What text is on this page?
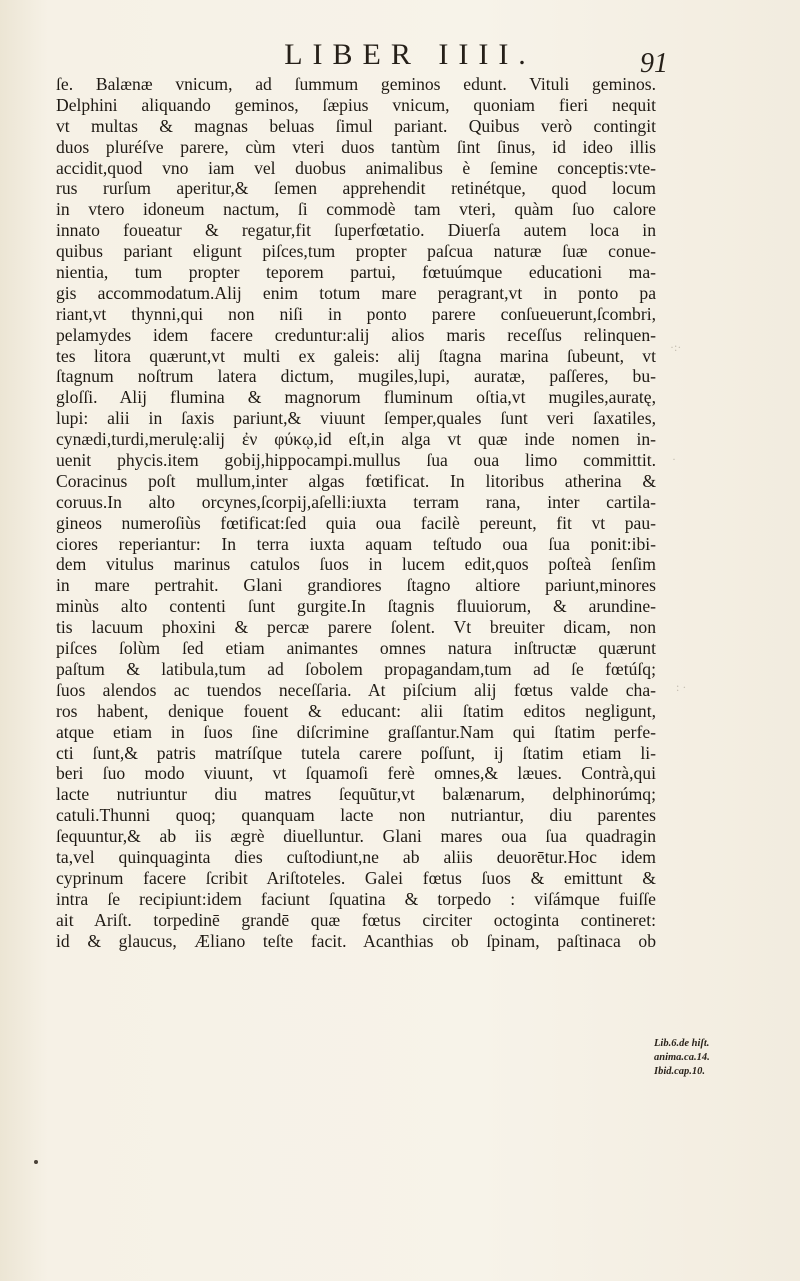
LIBER IIII.	91
ſe. Balænæ vnicum, ad ſummum geminos edunt. Vituli geminos.
Delphini aliquando geminos, ſæpius vnicum, quoniam fieri nequit
vt multas & magnas beluas ſimul pariant. Quibus verò contingit
duos pluréſve parere, cùm vteri duos tantùm ſint ſinus, id ideo illis
accidit,quod vno iam vel duobus animalibus è ſemine conceptis:vte-
rus rurſum aperitur,& ſemen apprehendit retinétque, quod locum
in vtero idoneum nactum, ſi commodè tam vteri, quàm ſuo calore
innato foueatur & regatur,fit ſuperfœtatio. Diuerſa autem loca in
quibus pariant eligunt piſces,tum propter paſcua naturæ ſuæ conue-
nientia, tum propter teporem partui, fœtuúmque educationi ma-
gis accommodatum.Alij enim totum mare peragrant,vt in ponto pa
riant,vt thynni,qui non niſi in ponto parere conſueuerunt,ſcombri,
pelamydes idem facere creduntur:alij alios maris receſſus relinquen-
tes litora quærunt,vt multi ex galeis: alij ſtagna marina ſubeunt, vt
ſtagnum noſtrum latera dictum, mugiles,lupi, auratæ, paſſeres, bu-
gloſſi. Alij flumina & magnorum fluminum oſtia,vt mugiles,auratę,
lupi: alii in ſaxis pariunt,& viuunt ſemper,quales ſunt veri ſaxatiles,
cynædi,turdi,merulę:alij ἐν φύκῳ,id eſt,in alga vt quæ inde nomen in-
uenit phycis.item gobij,hippocampi.mullus ſua oua limo committit.
Coracinus poſt mullum,inter algas fœtificat. In litoribus atherina &
coruus.In alto orcynes,ſcorpij,aſelli:iuxta terram rana, inter cartila-
gineos numeroſiùs fœtificat:ſed quia oua facilè pereunt, fit vt pau-
ciores reperiantur: In terra iuxta aquam teſtudo oua ſua ponit:ibi-
dem vitulus marinus catulos ſuos in lucem edit,quos poſteà ſenſim
in mare pertrahit. Glani grandiores ſtagno altiore pariunt,minores
minùs alto contenti ſunt gurgite.In ſtagnis fluuiorum, & arundine-
tis lacuum phoxini & percæ parere ſolent. Vt breuiter dicam, non
piſces ſolùm ſed etiam animantes omnes natura inſtructæ quærunt
paſtum & latibula,tum ad ſobolem propagandam,tum ad ſe fœtúſq;
ſuos alendos ac tuendos neceſſaria. At piſcium alij fœtus valde cha-
ros habent, denique fouent & educant: alii ſtatim editos negligunt,
atque etiam in ſuos ſine diſcrimine graſſantur.Nam qui ſtatim perfe-
cti ſunt,& patris matríſque tutela carere poſſunt, ij ſtatim etiam li-
beri ſuo modo viuunt, vt ſquamoſi ferè omnes,& læues. Contrà,qui
lacte nutriuntur diu matres ſequũtur,vt balænarum, delphinorúmq;
catuli.Thunni quoq; quanquam lacte non nutriantur, diu parentes
ſequuntur,& ab iis ægrè diuelluntur. Glani mares oua ſua quadragin
ta,vel quinquaginta dies cuſtodiunt,ne ab aliis deuorētur.Hoc idem
cyprinum facere ſcribit Ariſtoteles. Galei fœtus ſuos & emittunt &
intra ſe recipiunt:idem faciunt ſquatina & torpedo : viſámque fuiſſe
ait Ariſt. torpedinē grandē quæ fœtus circiter octoginta contineret:
id & glaucus, Æliano teſte facit. Acanthias ob ſpinam, paſtinaca ob
Lib.6.de hiſt.
anima.ca.14.
Ibid.cap.10.
·:·
·
: ·
